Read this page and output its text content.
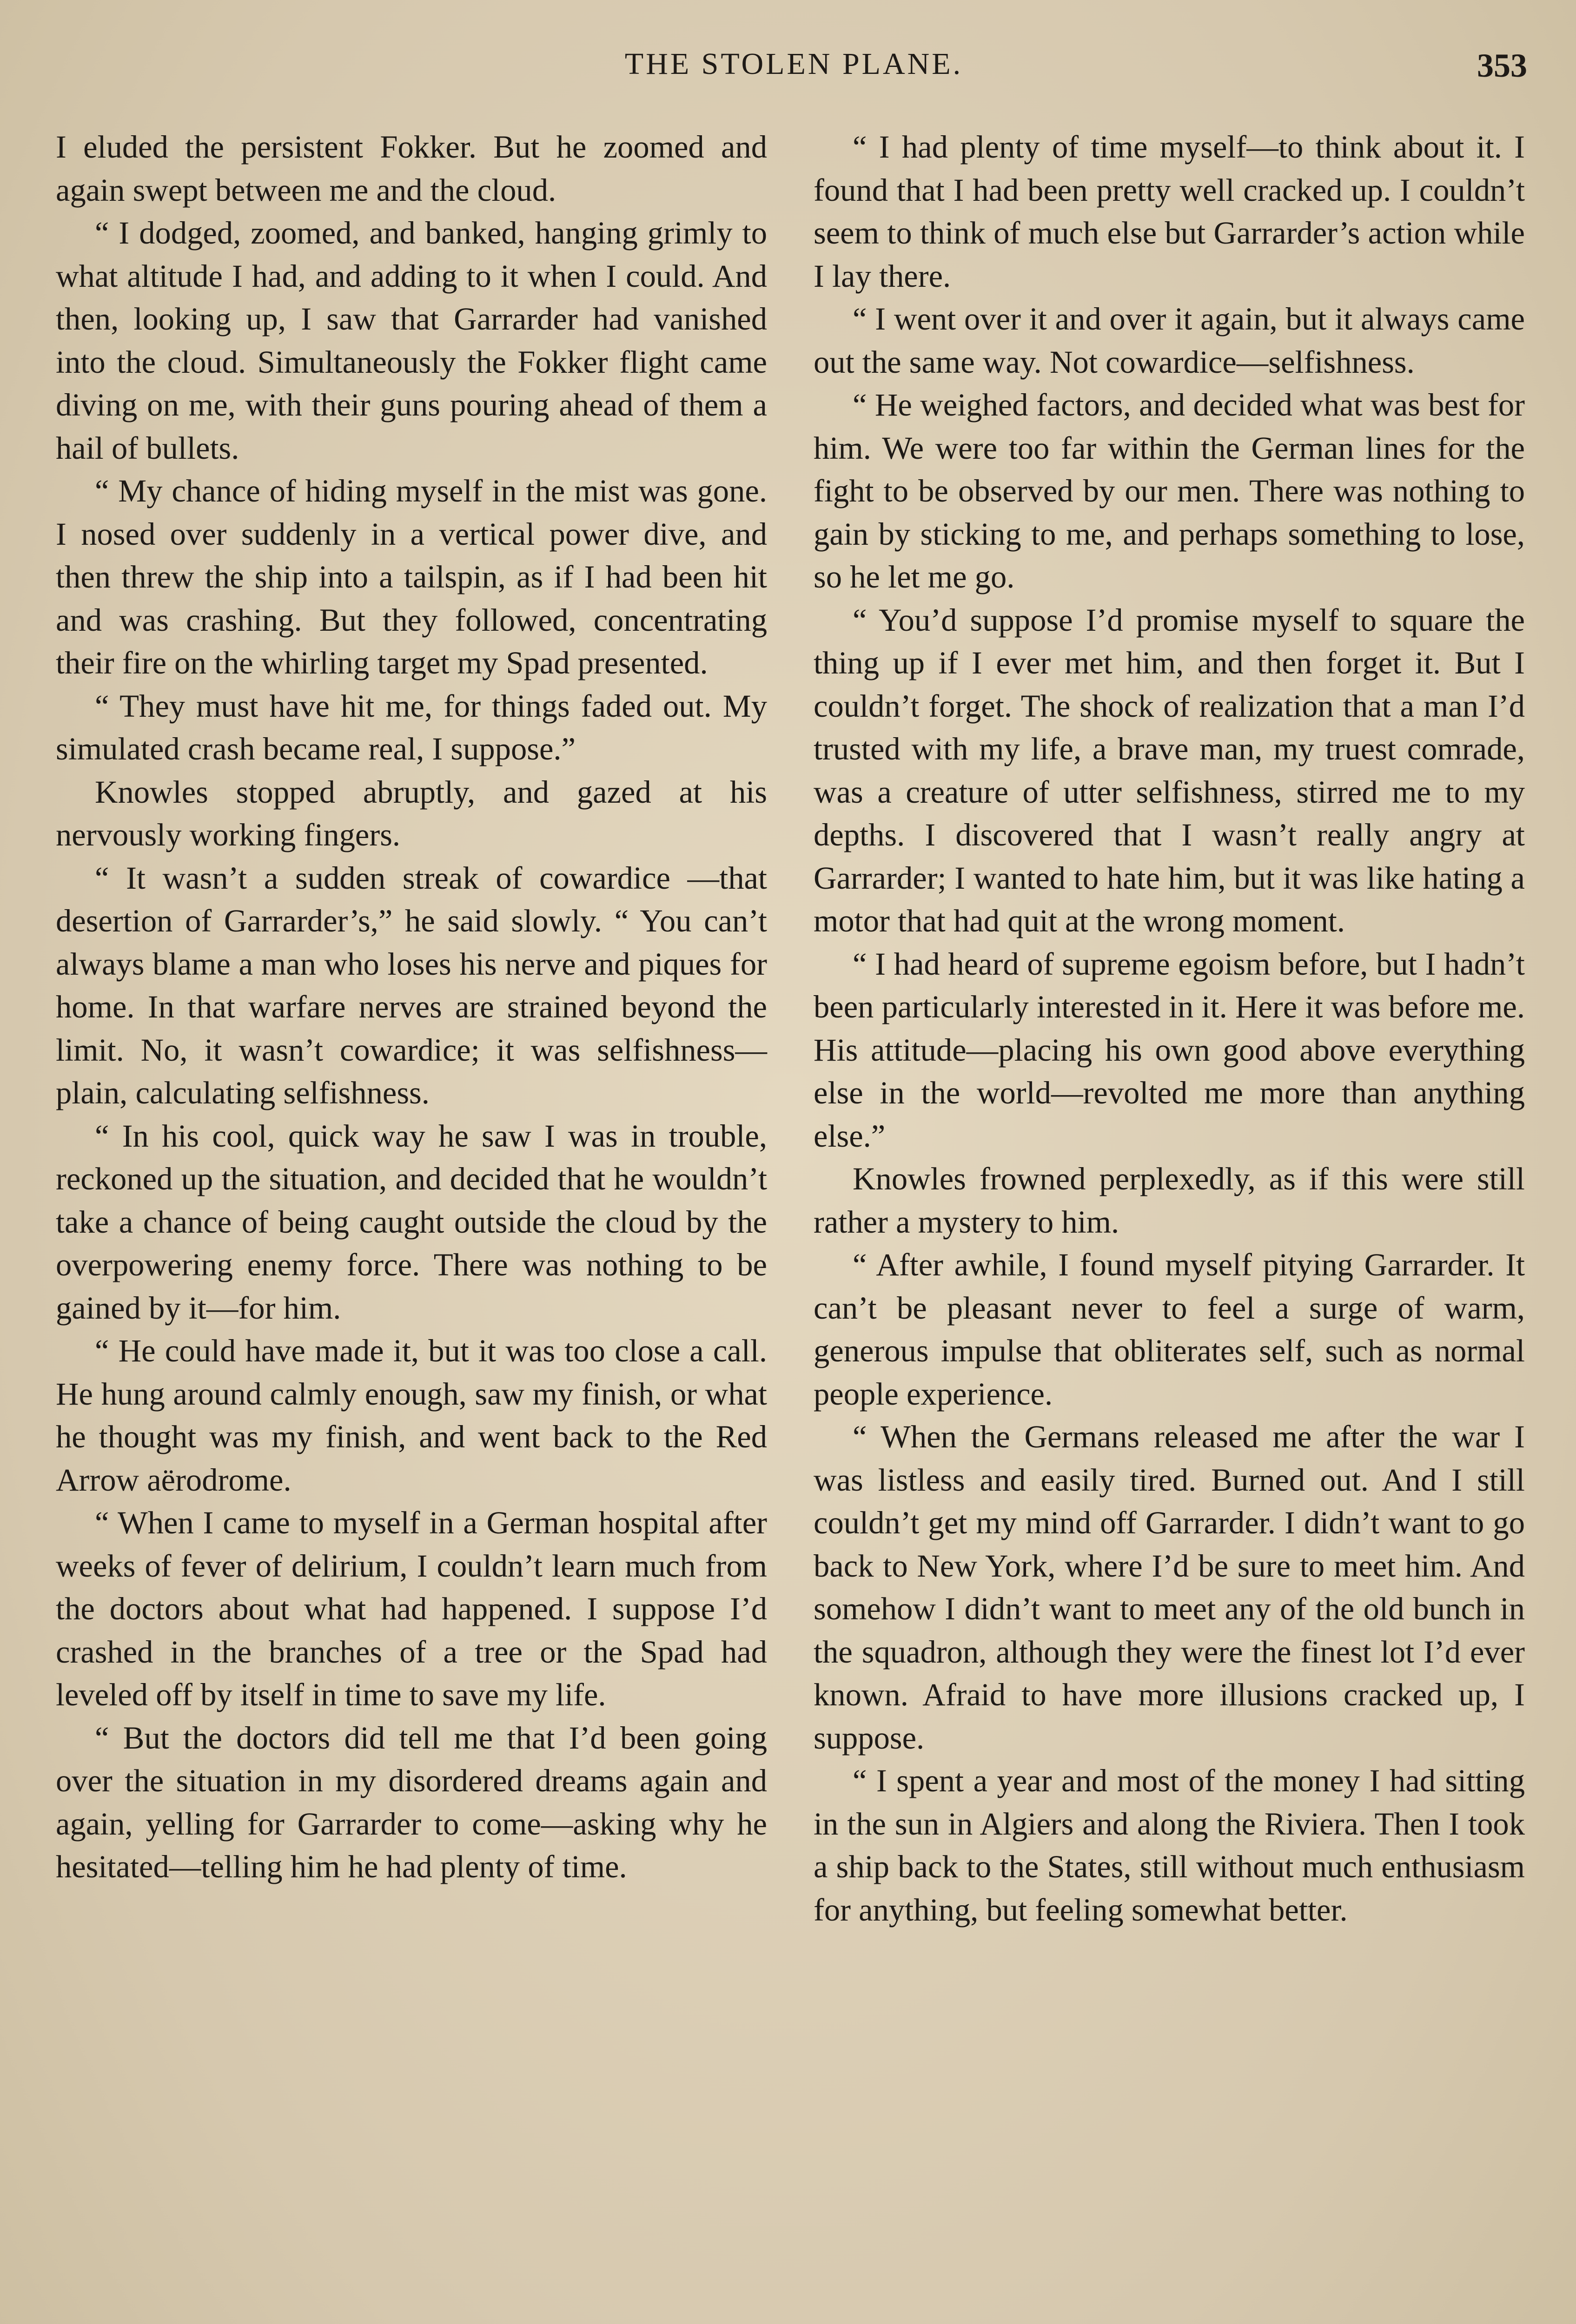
THE STOLEN PLANE.	353

I eluded the persistent Fokker. But he zoomed and again swept between me and the cloud.

“ I dodged, zoomed, and banked, hanging grimly to what altitude I had, and adding to it when I could. And then, looking up, I saw that Garrarder had vanished into the cloud. Simultaneously the Fokker flight came diving on me, with their guns pouring ahead of them a hail of bullets.

“ My chance of hiding myself in the mist was gone. I nosed over suddenly in a vertical power dive, and then threw the ship into a tailspin, as if I had been hit and was crashing. But they followed, concentrating their fire on the whirling target my Spad presented.

“ They must have hit me, for things faded out. My simulated crash became real, I suppose.”

Knowles stopped abruptly, and gazed at his nervously working fingers.

“ It wasn’t a sudden streak of cowardice —that desertion of Garrarder’s,” he said slowly. “ You can’t always blame a man who loses his nerve and piques for home. In that warfare nerves are strained beyond the limit. No, it wasn’t cowardice; it was selfishness—plain, calculating selfishness.

“ In his cool, quick way he saw I was in trouble, reckoned up the situation, and decided that he wouldn’t take a chance of being caught outside the cloud by the overpowering enemy force. There was nothing to be gained by it—for him.

“ He could have made it, but it was too close a call. He hung around calmly enough, saw my finish, or what he thought was my finish, and went back to the Red Arrow aërodrome.

“ When I came to myself in a German hospital after weeks of fever of delirium, I couldn’t learn much from the doctors about what had happened. I suppose I’d crashed in the branches of a tree or the Spad had leveled off by itself in time to save my life.

“ But the doctors did tell me that I’d been going over the situation in my disordered dreams again and again, yelling for Garrarder to come—asking why he hesitated—telling him he had plenty of time.

“ I had plenty of time myself—to think about it. I found that I had been pretty well cracked up. I couldn’t seem to think of much else but Garrarder’s action while I lay there.

“ I went over it and over it again, but it always came out the same way. Not cowardice—selfishness.

“ He weighed factors, and decided what was best for him. We were too far within the German lines for the fight to be observed by our men. There was nothing to gain by sticking to me, and perhaps something to lose, so he let me go.

“ You’d suppose I’d promise myself to square the thing up if I ever met him, and then forget it. But I couldn’t forget. The shock of realization that a man I’d trusted with my life, a brave man, my truest comrade, was a creature of utter selfishness, stirred me to my depths. I discovered that I wasn’t really angry at Garrarder; I wanted to hate him, but it was like hating a motor that had quit at the wrong moment.

“ I had heard of supreme egoism before, but I hadn’t been particularly interested in it. Here it was before me. His attitude—placing his own good above everything else in the world—revolted me more than anything else.”

Knowles frowned perplexedly, as if this were still rather a mystery to him.

“ After awhile, I found myself pitying Garrarder. It can’t be pleasant never to feel a surge of warm, generous impulse that obliterates self, such as normal people experience.

“ When the Germans released me after the war I was listless and easily tired. Burned out. And I still couldn’t get my mind off Garrarder. I didn’t want to go back to New York, where I’d be sure to meet him. And somehow I didn’t want to meet any of the old bunch in the squadron, although they were the finest lot I’d ever known. Afraid to have more illusions cracked up, I suppose.

“ I spent a year and most of the money I had sitting in the sun in Algiers and along the Riviera. Then I took a ship back to the States, still without much enthusiasm for anything, but feeling somewhat better.
